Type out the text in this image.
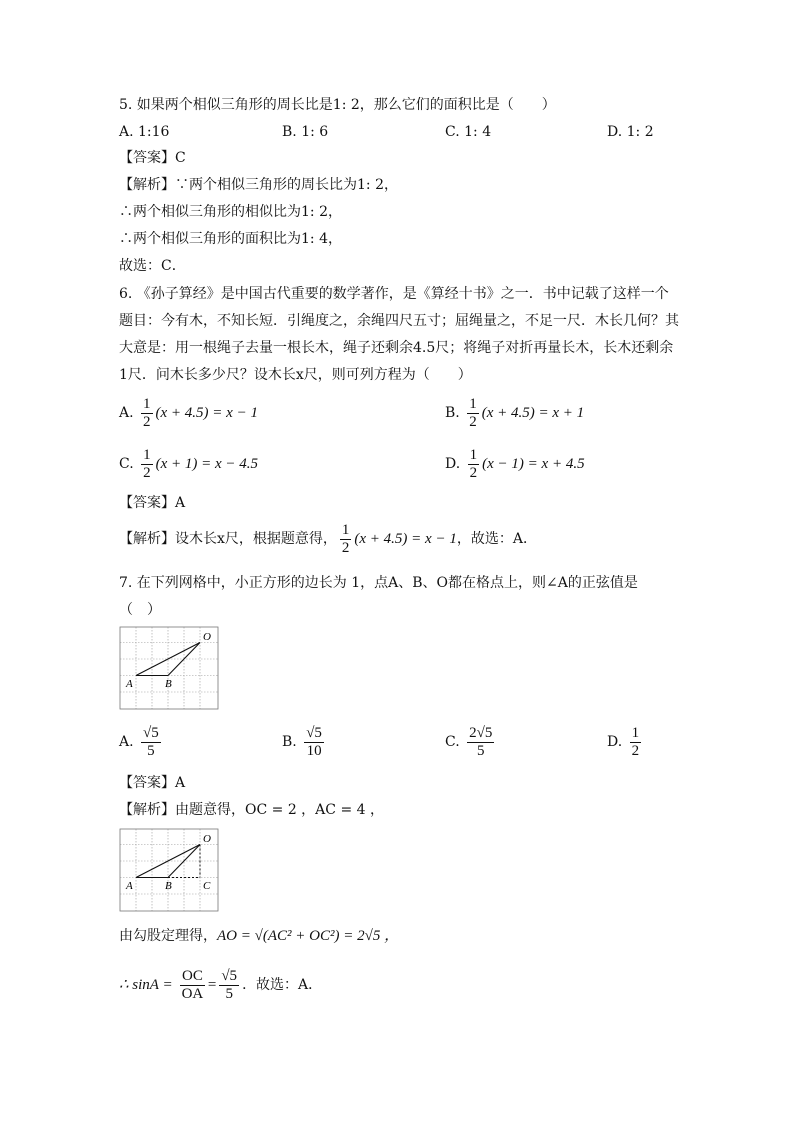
5. 如果两个相似三角形的周长比是1: 2，那么它们的面积比是（　　）
A. 1:16	B. 1: 6	C. 1: 4	D. 1: 2
【答案】C
【解析】∵两个相似三角形的周长比为1: 2，
∴两个相似三角形的相似比为1: 2，
∴两个相似三角形的面积比为1: 4，
故选：C．
6. 《孙子算经》是中国古代重要的数学著作，是《算经十书》之一．书中记载了这样一个
题目：今有木，不知长短．引绳度之，余绳四尺五寸；屈绳量之，不足一尺．木长几何？其
大意是：用一根绳子去量一根长木，绳子还剩余4.5尺；将绳子对折再量长木，长木还剩余
1尺．问木长多少尺？设木长x尺，则可列方程为（　　）
A. $\frac{1}{2} (x + 4.5) = x - 1$	B. $\frac{1}{2} (x + 4.5) = x + 1$
C. $\frac{1}{2} (x + 1) = x - 4.5$	D. $\frac{1}{2} (x - 1) = x + 4.5$
【答案】A
【解析】设木长x尺，根据题意得， $\frac{1}{2} (x + 4.5) = x - 1$，故选：A．
7. 在下列网格中，小正方形的边长为 1，点A、B、O都在格点上，则∠A的正弦值是
（　）
A	B
O
A. $\frac{√5}{5}$	B. $\frac{√5}{10}$	C. $\frac{2√5}{5}$	D. $\frac{1}{2}$
【答案】A
【解析】由题意得，OC = 2 ，AC = 4 ，
A	B
O
C
由勾股定理得，AO = √(AC² + OC²) = 2√5 ，
∴ $\sin A = \frac{OC}{OA} = \frac{√5}{5}$ ．故选：A．
